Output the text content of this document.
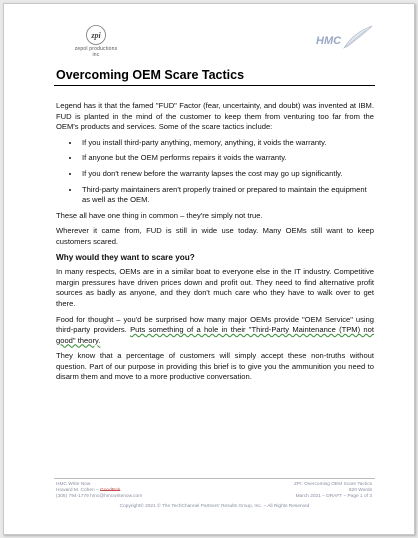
zpi
zepol productions inc
HMC
Overcoming OEM Scare Tactics

Legend has it that the famed "FUD" Factor (fear, uncertainty, and doubt) was invented at IBM. FUD is planted in the mind of the customer to keep them from venturing too far from the OEM's products and services. Some of the scare tactics include:

• If you install third-party anything, memory, anything, it voids the warranty.
• If anyone but the OEM performs repairs it voids the warranty.
• If you don't renew before the warranty lapses the cost may go up significantly.
• Third-party maintainers aren't properly trained or prepared to maintain the equipment as well as the OEM.

These all have one thing in common – they're simply not true.

Wherever it came from, FUD is still in wide use today. Many OEMs still want to keep customers scared.

Why would they want to scare you?

In many respects, OEMs are in a similar boat to everyone else in the IT industry. Competitive margin pressures have driven prices down and profit out. They need to find alternative profit sources as badly as anyone, and they don't much care who they have to walk over to get there.

Food for thought – you'd be surprised how many major OEMs provide "OEM Service" using third-party providers. Puts something of a hole in their "Third-Party Maintenance (TPM) not good" theory.

They know that a percentage of customers will simply accept these non-truths without question. Part of our purpose in providing this brief is to give you the ammunition you need to disarm them and move to a more productive conversation.

HMC Write Now
Howard M. Cohen – GoodBob
(305) 794-1779 hmc@hmcwritenow.com
ZPI: Overcoming OEM Scare Tactics
820 Words
March 2021 – DRAFT – Page 1 of 3
Copyright© 2021 © The TechChannel Partners' Results Group, Inc. – All Rights Reserved
